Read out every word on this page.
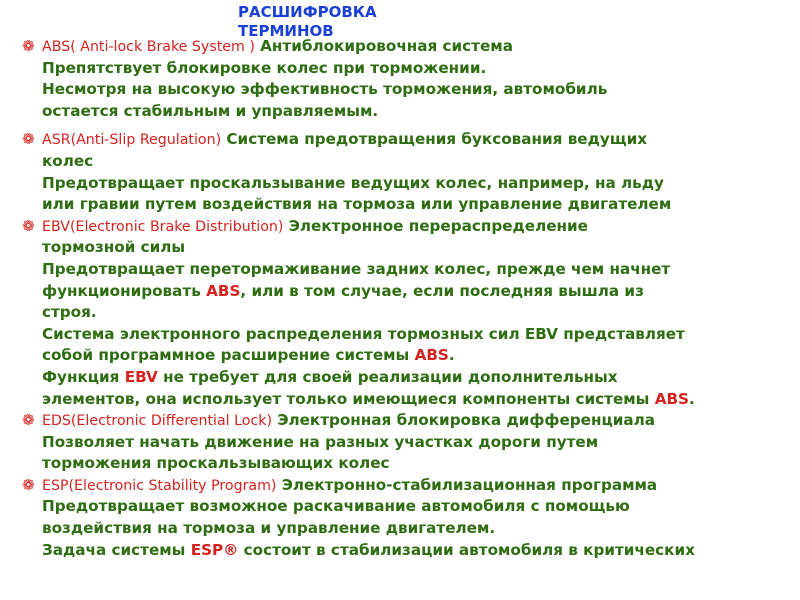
РАСШИФРОВКА ТЕРМИНОВ
❁ ABS( Anti-lock Brake System ) Антиблокировочная система
Препятствует блокировке колес при торможении.
Несмотря на высокую эффективность торможения, автомобиль
остается стабильным и управляемым.
❁ ASR(Anti-Slip Regulation) Система предотвращения буксования ведущих
колес
Предотвращает проскальзывание ведущих колес, например, на льду
или гравии путем воздействия на тормоза или управление двигателем
❁ EBV(Electronic Brake Distribution) Электронное перераспределение
тормозной силы
Предотвращает перетормаживание задних колес, прежде чем начнет
функционировать ABS, или в том случае, если последняя вышла из
строя.
Система электронного распределения тормозных сил EBV представляет
собой программное расширение системы ABS.
Функция EBV не требует для своей реализации дополнительных
элементов, она использует только имеющиеся компоненты системы ABS.
❁ EDS(Electronic Differential Lock) Электронная блокировка дифференциала
Позволяет начать движение на разных участках дороги путем
торможения проскальзывающих колес
❁ ESP(Electronic Stability Program) Электронно-стабилизационная программа
Предотвращает возможное раскачивание автомобиля с помощью
воздействия на тормоза и управление двигателем.
Задача системы ESP® состоит в стабилизации автомобиля в критических
